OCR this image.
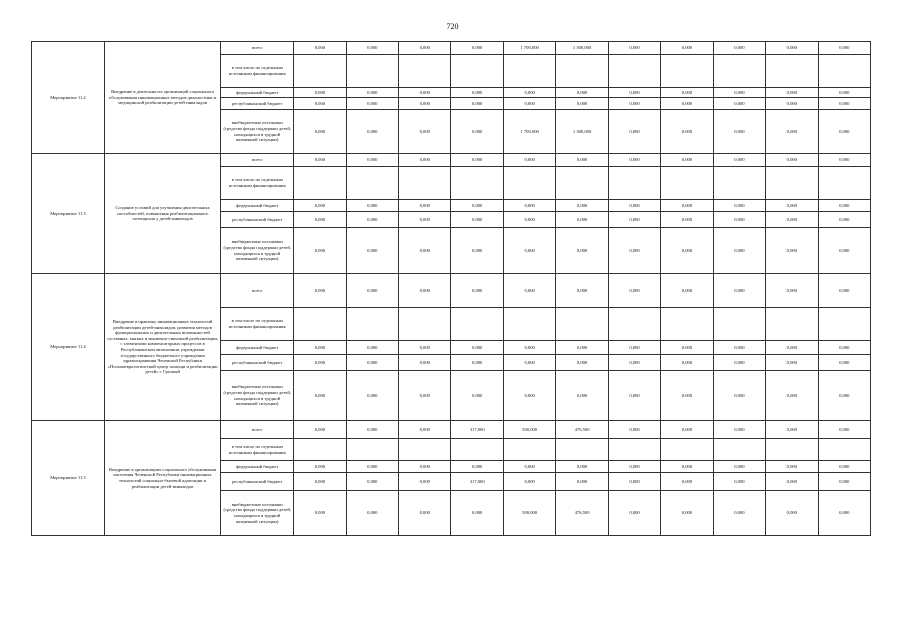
720
Мероприятие 11.2	Внедрение в деятельность организаций социального обслуживания инновационных методов диагностики и медицинской реабилитации детей-инвалидов	всего	0,000	0,000	0,000	0,000	1 700,000	1 300,000	0,000	0,000	0,000	0,000	0,000
		в том числе по отдельным источникам финансирования											
		федеральный бюджет	0,000	0,000	0,000	0,000	0,000	0,000	0,000	0,000	0,000	0,000	0,000
		республиканский бюджет	0,000	0,000	0,000	0,000	0,000	0,000	0,000	0,000	0,000	0,000	0,000
		внебюджетные источники (средства фонда поддержки детей, находящихся в трудной жизненной ситуации)	0,000	0,000	0,000	0,000	1 700,000	1 300,000	0,000	0,000	0,000	0,000	0,000
Мероприятие 11.3	Создание условий для улучшения двигательных способностей, повышения реабилитационного потенциала у детей-инвалидов	всего	0,000	0,000	0,000	0,000	0,000	0,000	0,000	0,000	0,000	0,000	0,000
		в том числе по отдельным источникам финансирования											
		федеральный бюджет	0,000	0,000	0,000	0,000	0,000	0,000	0,000	0,000	0,000	0,000	0,000
		республиканский бюджет	0,000	0,000	0,000	0,000	0,000	0,000	0,000	0,000	0,000	0,000	0,000
		внебюджетные источники (средства фонда поддержки детей, находящихся в трудной жизненной ситуации)	0,000	0,000	0,000	0,000	0,000	0,000	0,000	0,000	0,000	0,000	0,000
Мероприятие 11.4	Внедрение в практику инновационных технологий реабилитации детей-инвалидов, развития методов функциональных и двигательных возможностей суставных, мягких и мышечно-связочной реабилитации, с элементами компенсаторных процессов в Республиканском автономном учреждении государственного бюджетного учреждения здравоохранения Чеченской Республики «Психоневрологический центр помощи и реабилитации детей» г. Грозный	всего	0,000	0,000	0,000	0,000	0,000	0,000	0,000	0,000	0,000	0,000	0,000
		в том числе по отдельным источникам финансирования											
		федеральный бюджет	0,000	0,000	0,000	0,000	0,000	0,000	0,000	0,000	0,000	0,000	0,000
		республиканский бюджет	0,000	0,000	0,000	0,000	0,000	0,000	0,000	0,000	0,000	0,000	0,000
		внебюджетные источники (средства фонда поддержки детей, находящихся в трудной жизненной ситуации)	0,000	0,000	0,000	0,000	0,000	0,000	0,000	0,000	0,000	0,000	0,000
Мероприятие 11.5	Внедрение в организациях социального обслуживания населения Чеченской Республики инновационных технологий социально-бытовой адаптации и реабилитации детей-инвалидов	всего	0,000	0,000	0,000	317,000	500,000	476,500	0,000	0,000	0,000	0,000	0,000
		в том числе по отдельным источникам финансирования											
		федеральный бюджет	0,000	0,000	0,000	0,000	0,000	0,000	0,000	0,000	0,000	0,000	0,000
		республиканский бюджет	0,000	0,000	0,000	317,000	0,000	0,000	0,000	0,000	0,000	0,000	0,000
		внебюджетные источники (средства фонда поддержки детей, находящихся в трудной жизненной ситуации)	0,000	0,000	0,000	0,000	500,000	476,500	0,000	0,000	0,000	0,000	0,000
